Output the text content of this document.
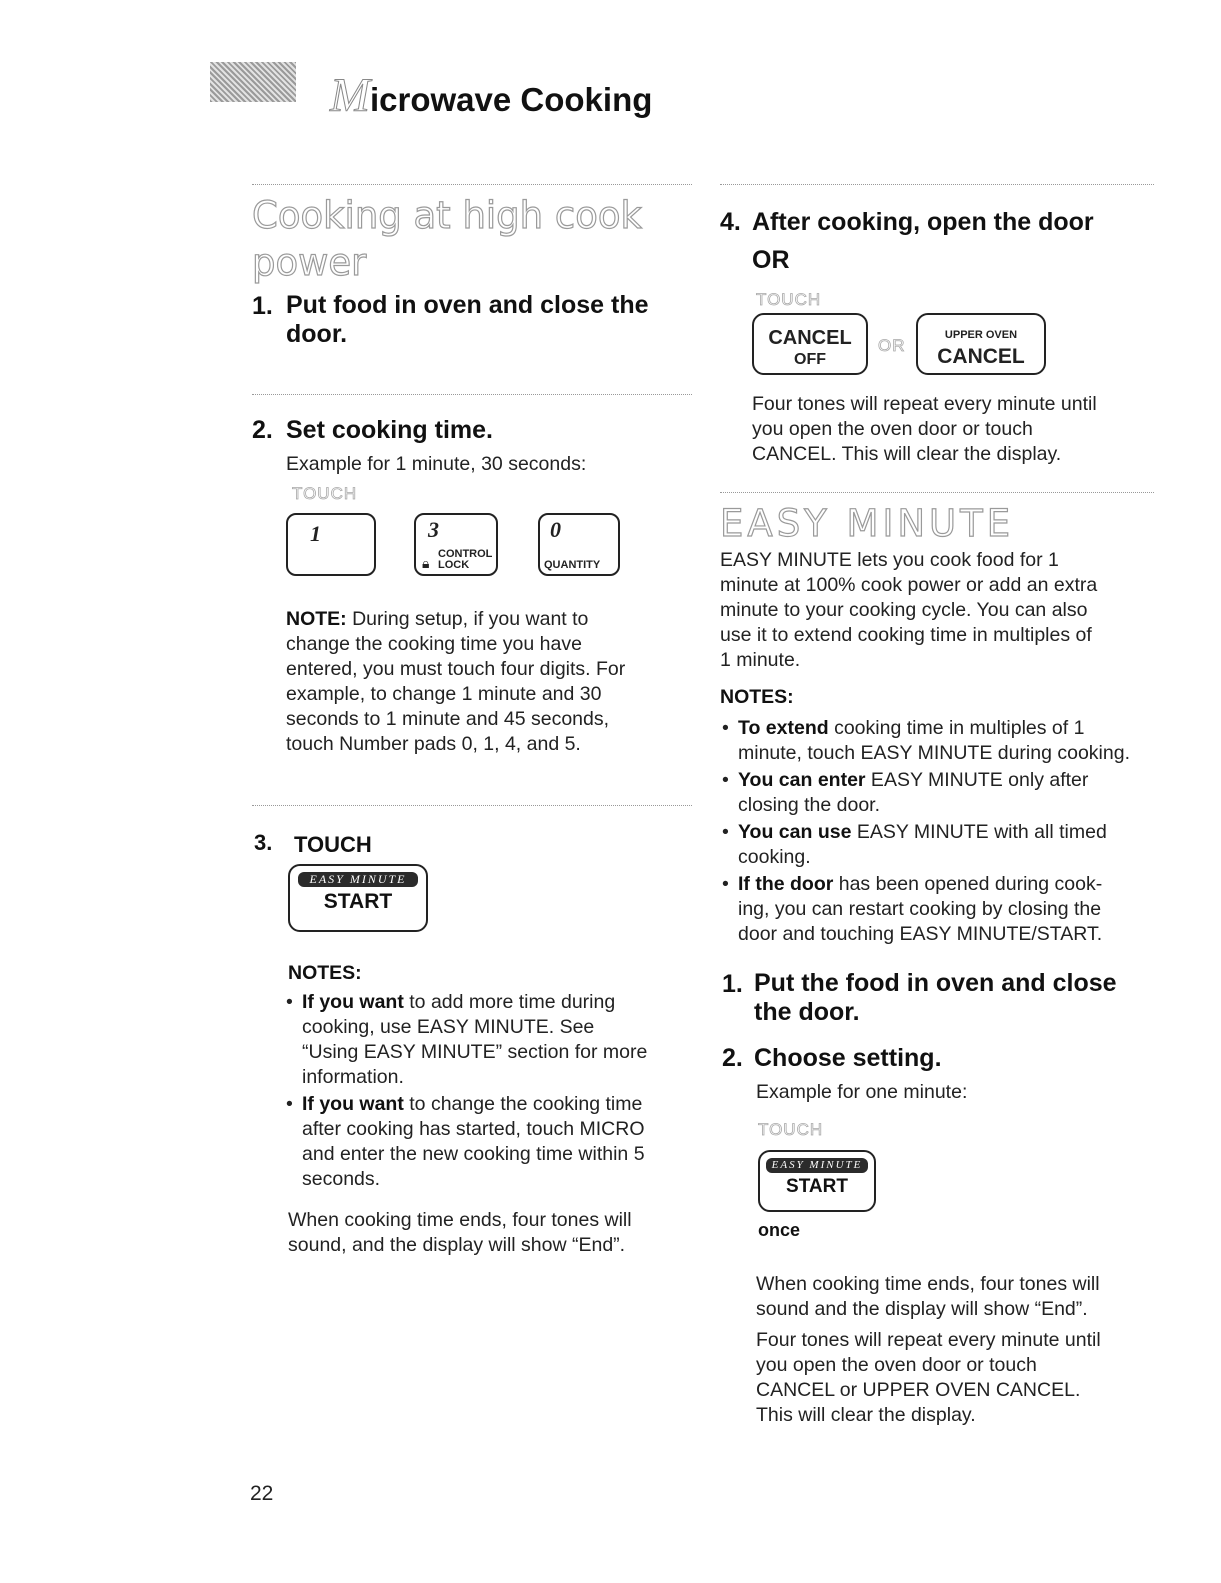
Microwave Cooking
Cooking at high cook
power
1. Put food in oven and close the
door.
2. Set cooking time.
Example for 1 minute, 30 seconds:
TOUCH
1	3
🔒︎
CONTROL LOCK
0
QUANTITY
NOTE: During setup, if you want to
change the cooking time you have
entered, you must touch four digits. For
example, to change 1 minute and 30
seconds to 1 minute and 45 seconds,
touch Number pads 0, 1, 4, and 5.
3. TOUCH
EASY MINUTE
START
NOTES:
• If you want to add more time during
cooking, use EASY MINUTE. See
“Using EASY MINUTE” section for more
information.
• If you want to change the cooking time
after cooking has started, touch MICRO
and enter the new cooking time within 5
seconds.
When cooking time ends, four tones will
sound, and the display will show “End”.
22
4. After cooking, open the door
OR
TOUCH
CANCEL
OFF
OR
UPPER OVEN
CANCEL
Four tones will repeat every minute until
you open the oven door or touch
CANCEL. This will clear the display.
EASY MINUTE
EASY MINUTE lets you cook food for 1
minute at 100% cook power or add an extra
minute to your cooking cycle. You can also
use it to extend cooking time in multiples of
1 minute.
NOTES:
• To extend cooking time in multiples of 1
minute, touch EASY MINUTE during cooking.
• You can enter EASY MINUTE only after
closing the door.
• You can use EASY MINUTE with all timed
cooking.
• If the door has been opened during cook-
ing, you can restart cooking by closing the
door and touching EASY MINUTE/START.
1. Put the food in oven and close
the door.
2. Choose setting.
Example for one minute:
TOUCH
EASY MINUTE
START
once
When cooking time ends, four tones will
sound and the display will show “End”.
Four tones will repeat every minute until
you open the oven door or touch
CANCEL or UPPER OVEN CANCEL.
This will clear the display.
